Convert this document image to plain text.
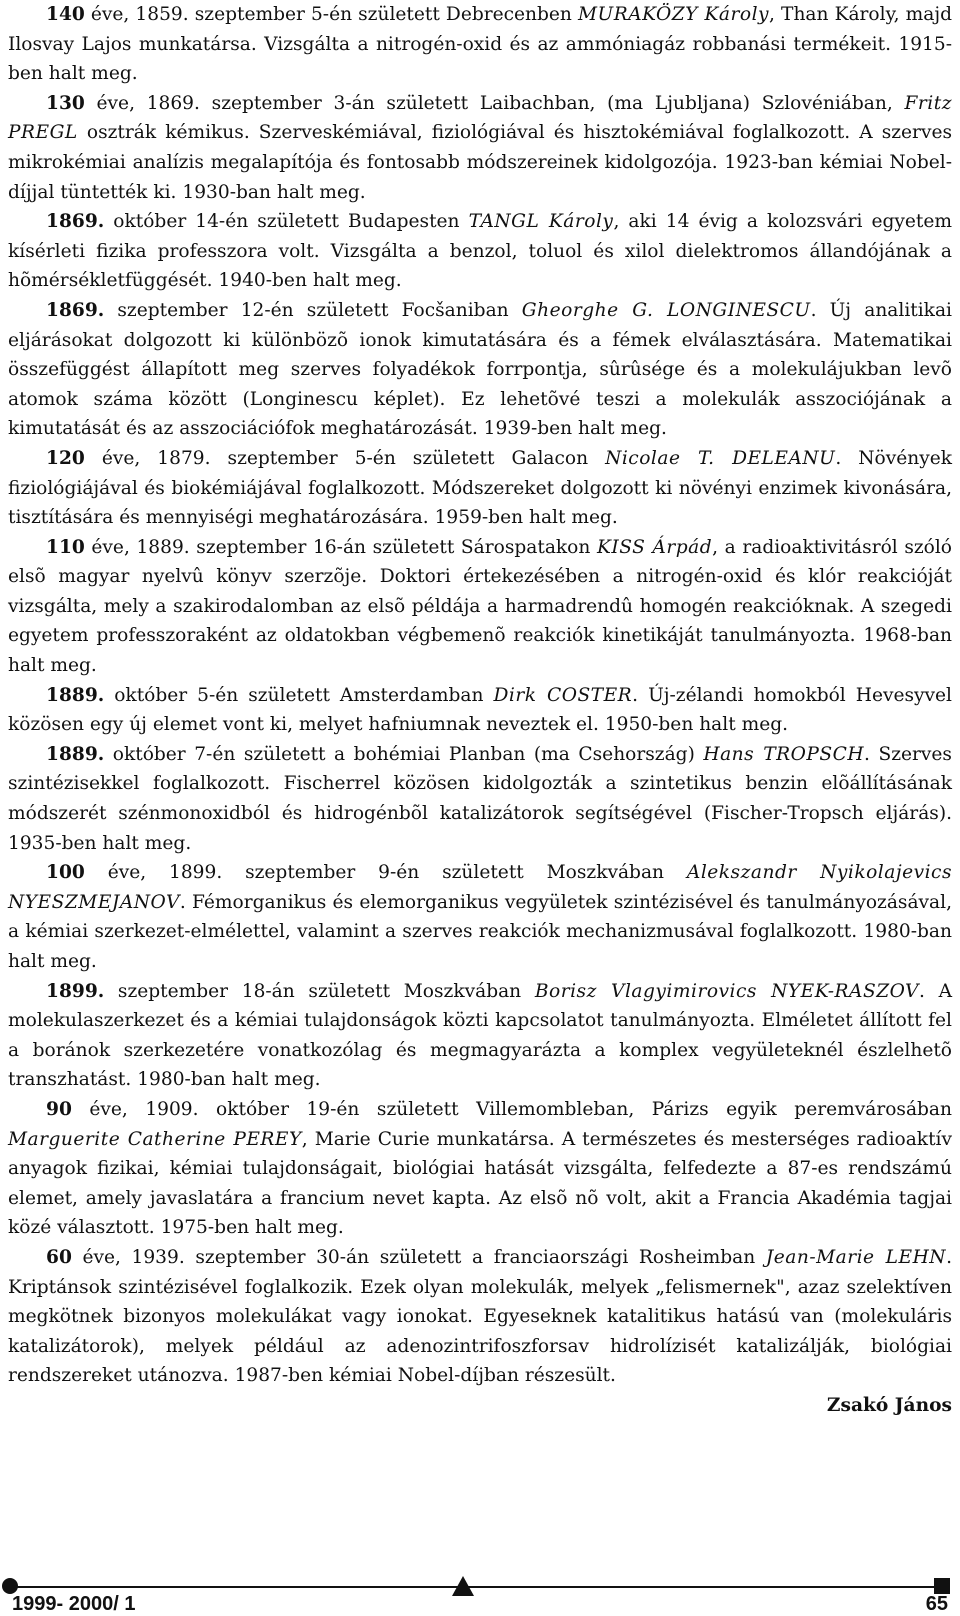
140 éve, 1859. szeptember 5-én született Debrecenben MURAKÖZY Károly, Than Károly, majd Ilosvay Lajos munkatársa. Vizsgálta a nitrogén-oxid és az ammóniagáz robbanási termékeit. 1915-ben halt meg.

130 éve, 1869. szeptember 3-án született Laibachban, (ma Ljubljana) Szlovéniában, Fritz PREGL osztrák kémikus. Szerveskémiával, fiziológiával és hisztokémiával foglalkozott. A szerves mikrokémiai analízis megalapítója és fontosabb módszereinek kidolgozója. 1923-ban kémiai Nobel-díjjal tüntették ki. 1930-ban halt meg.

1869. október 14-én született Budapesten TANGL Károly, aki 14 évig a kolozsvári egyetem kísérleti fizika professzora volt. Vizsgálta a benzol, toluol és xilol dielektromos állandójának a hõmérsékletfüggését. 1940-ben halt meg.

1869. szeptember 12-én született Focšaniban Gheorghe G. LONGINESCU. Új analitikai eljárásokat dolgozott ki különbözõ ionok kimutatására és a fémek elválasztására. Matematikai összefüggést állapított meg szerves folyadékok forrpontja, sûrûsége és a molekulájukban levõ atomok száma között (Longinescu képlet). Ez lehetõvé teszi a molekulák asszociójának a kimutatását és az asszociációfok meghatározását. 1939-ben halt meg.

120 éve, 1879. szeptember 5-én született Galacon Nicolae T. DELEANU. Növények fiziológiájával és biokémiájával foglalkozott. Módszereket dolgozott ki növényi enzimek kivonására, tisztítására és mennyiségi meghatározására. 1959-ben halt meg.

110 éve, 1889. szeptember 16-án született Sárospatakon KISS Árpád, a radioaktivitásról szóló elsõ magyar nyelvû könyv szerzõje. Doktori értekezésében a nitrogén-oxid és klór reakcióját vizsgálta, mely a szakirodalomban az elsõ példája a harmadrendû homogén reakcióknak. A szegedi egyetem professzoraként az oldatokban végbemenõ reakciók kinetikáját tanulmányozta. 1968-ban halt meg.

1889. október 5-én született Amsterdamban Dirk COSTER. Új-zélandi homokból Hevesyvel közösen egy új elemet vont ki, melyet hafniumnak neveztek el. 1950-ben halt meg.

1889. október 7-én született a bohémiai Planban (ma Csehország) Hans TROPSCH. Szerves szintézisekkel foglalkozott. Fischerrel közösen kidolgozták a szintetikus benzin elõállításának módszerét szénmonoxidból és hidrogénbõl katalizátorok segítségével (Fischer-Tropsch eljárás). 1935-ben halt meg.

100 éve, 1899. szeptember 9-én született Moszkvában Alekszandr Nyikolajevics NYESZMEJANOV. Fémorganikus és elemorganikus vegyületek szintézisével és tanulmányozásával, a kémiai szerkezet-elmélettel, valamint a szerves reakciók mechanizmusával foglalkozott. 1980-ban halt meg.

1899. szeptember 18-án született Moszkvában Borisz Vlagyimirovics NYEK-RASZOV. A molekulaszerkezet és a kémiai tulajdonságok közti kapcsolatot tanulmányozta. Elméletet állított fel a boránok szerkezetére vonatkozólag és megmagyarázta a komplex vegyületeknél észlelhetõ transzhatást. 1980-ban halt meg.

90 éve, 1909. október 19-én született Villemombleban, Párizs egyik peremvárosában Marguerite Catherine PEREY, Marie Curie munkatársa. A természetes és mesterséges radioaktív anyagok fizikai, kémiai tulajdonságait, biológiai hatását vizsgálta, felfedezte a 87-es rendszámú elemet, amely javaslatára a francium nevet kapta. Az elsõ nõ volt, akit a Francia Akadémia tagjai közé választott. 1975-ben halt meg.

60 éve, 1939. szeptember 30-án született a franciaországi Rosheimban Jean-Marie LEHN. Kriptánsok szintézisével foglalkozik. Ezek olyan molekulák, melyek „felismernek", azaz szelektíven megkötnek bizonyos molekulákat vagy ionokat. Egyeseknek katalitikus hatású van (molekuláris katalizátorok), melyek például az adenozintrifoszforsav hidrolízisét katalizálják, biológiai rendszereket utánozva. 1987-ben kémiai Nobel-díjban részesült.

Zsakó János

1999- 2000/ 1	65
